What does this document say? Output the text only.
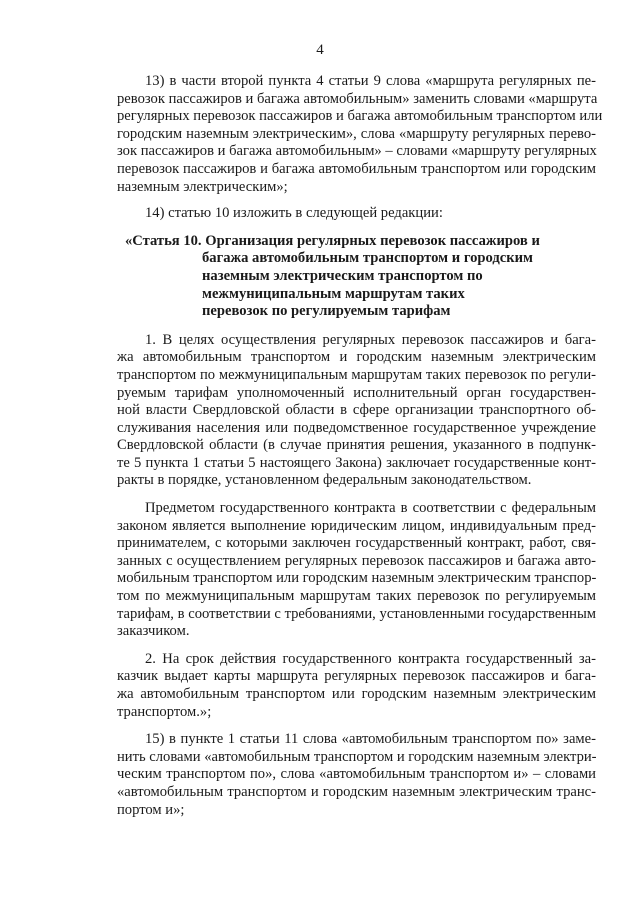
4
13) в части второй пункта 4 статьи 9 слова «маршрута регулярных пе-
ревозок пассажиров и багажа автомобильным» заменить словами «маршрута
регулярных перевозок пассажиров и багажа автомобильным транспортом или
городским наземным электрическим», слова «маршруту регулярных перево-
зок пассажиров и багажа автомобильным» – словами «маршруту регулярных
перевозок пассажиров и багажа автомобильным транспортом или городским
наземным электрическим»;
14) статью 10 изложить в следующей редакции:
«Статья 10. Организация регулярных перевозок пассажиров и
багажа автомобильным транспортом и городским
наземным электрическим транспортом по
межмуниципальным маршрутам таких
перевозок по регулируемым тарифам
1. В целях осуществления регулярных перевозок пассажиров и бага-
жа автомобильным транспортом и городским наземным электрическим
транспортом по межмуниципальным маршрутам таких перевозок по регули-
руемым тарифам уполномоченный исполнительный орган государствен-
ной власти Свердловской области в сфере организации транспортного об-
служивания населения или подведомственное государственное учреждение
Свердловской области (в случае принятия решения, указанного в подпунк-
те 5 пункта 1 статьи 5 настоящего Закона) заключает государственные конт-
ракты в порядке, установленном федеральным законодательством.
Предметом государственного контракта в соответствии с федеральным
законом является выполнение юридическим лицом, индивидуальным пред-
принимателем, с которыми заключен государственный контракт, работ, свя-
занных с осуществлением регулярных перевозок пассажиров и багажа авто-
мобильным транспортом или городским наземным электрическим транспор-
том по межмуниципальным маршрутам таких перевозок по регулируемым
тарифам, в соответствии с требованиями, установленными государственным
заказчиком.
2. На срок действия государственного контракта государственный за-
казчик выдает карты маршрута регулярных перевозок пассажиров и бага-
жа автомобильным транспортом или городским наземным электрическим
транспортом.»;
15) в пункте 1 статьи 11 слова «автомобильным транспортом по» заме-
нить словами «автомобильным транспортом и городским наземным электри-
ческим транспортом по», слова «автомобильным транспортом и» – словами
«автомобильным транспортом и городским наземным электрическим транс-
портом и»;
